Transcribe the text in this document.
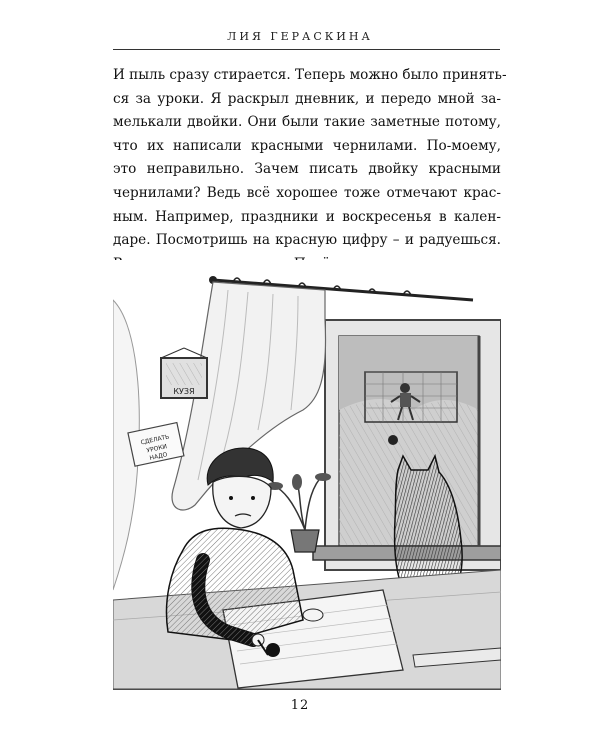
ЛИЯ ГЕРАСКИНА
И пыль сразу стирается. Теперь можно было принять-
ся за уроки. Я раскрыл дневник, и передо мной за-
мелькали двойки. Они были такие заметные потому,
что их написали красными чернилами. По-моему,
это неправильно. Зачем писать двойку красными
чернилами? Ведь всё хорошее тоже отмечают крас-
ным. Например, праздники и воскресенья в кален-
даре. Посмотришь на красную цифру – и радуешься.
КУЗЯ
СДЕЛАТЬ
УРОКИ
НАДО
12
